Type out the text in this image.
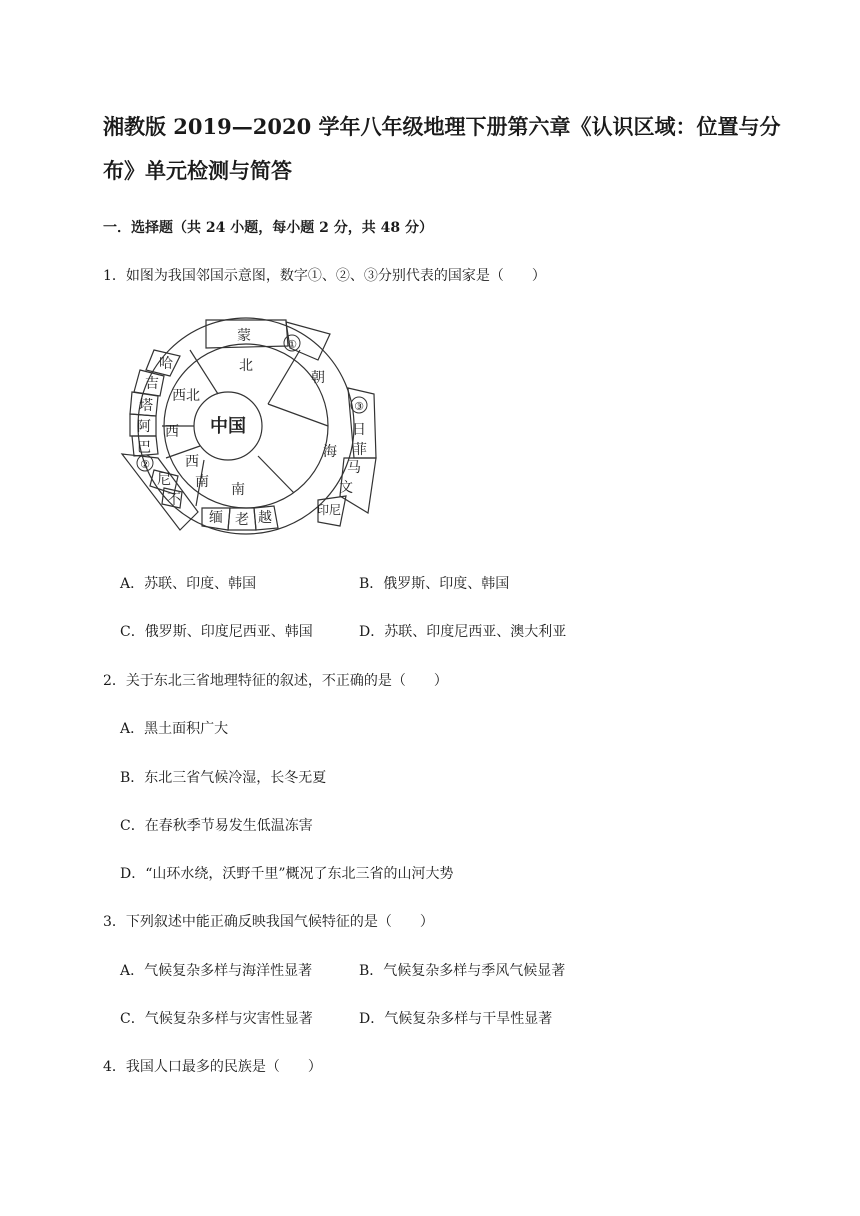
湘教版 2019—2020 学年八年级地理下册第六章《认识区域：位置与分
布》单元检测与简答
一．选择题（共 24 小题，每小题 2 分，共 48 分）
1．如图为我国邻国示意图，数字①、②、③分别代表的国家是（　　）
中国
北
西北
西
西
南 南
海
蒙
①
朝
③
日
菲
马
文
印尼
越
老
缅
不
尼
②
巴
阿
塔
吉
哈
A．苏联、印度、韩国	B．俄罗斯、印度、韩国
C．俄罗斯、印度尼西亚、韩国	D．苏联、印度尼西亚、澳大利亚
2．关于东北三省地理特征的叙述，不正确的是（　　）
A．黑土面积广大
B．东北三省气候冷湿，长冬无夏
C．在春秋季节易发生低温冻害
D．“山环水绕，沃野千里”概况了东北三省的山河大势
3．下列叙述中能正确反映我国气候特征的是（　　）
A．气候复杂多样与海洋性显著	B．气候复杂多样与季风气候显著
C．气候复杂多样与灾害性显著	D．气候复杂多样与干旱性显著
4．我国人口最多的民族是（　　）
